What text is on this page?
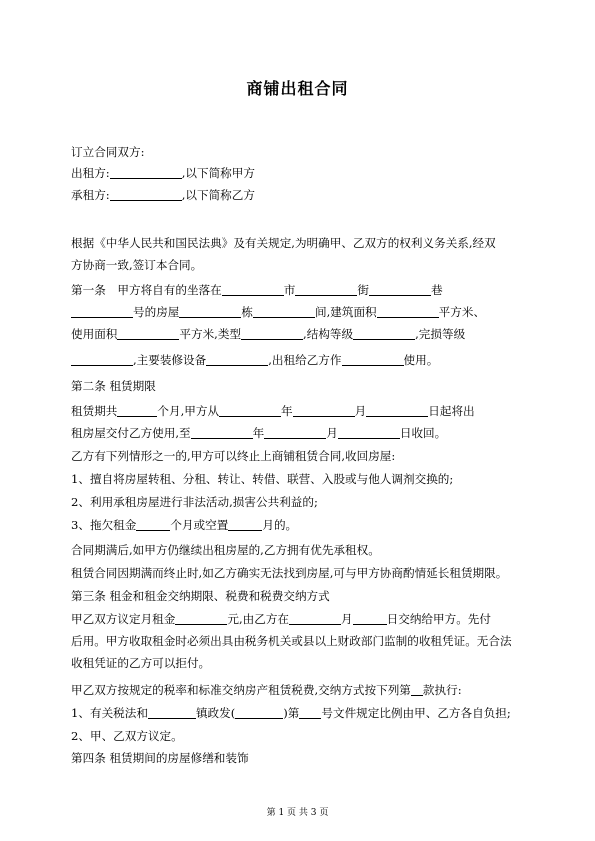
商铺出租合同
订立合同双方:
出租方:	,以下简称甲方
承租方:	,以下简称乙方
根据《中华人民共和国民法典》及有关规定,为明确甲、乙双方的权利义务关系,经双
方协商一致,签订本合同。
第一条　甲方将自有的坐落在	市	街	巷
号的房屋	栋	间,建筑面积	平方米、
使用面积	平方米,类型	,结构等级	,完损等级
,主要装修设备	,出租给乙方作	使用。
第二条 租赁期限
租赁期共	个月,甲方从	年	月	日起将出
租房屋交付乙方使用,至	年	月	日收回。
乙方有下列情形之一的,甲方可以终止上商铺租赁合同,收回房屋:
1、擅自将房屋转租、分租、转让、转借、联营、入股或与他人调剂交换的;
2、利用承租房屋进行非法活动,损害公共利益的;
3、拖欠租金	个月或空置	月的。
合同期满后,如甲方仍继续出租房屋的,乙方拥有优先承租权。
租赁合同因期满而终止时,如乙方确实无法找到房屋,可与甲方协商酌情延长租赁期限。
第三条 租金和租金交纳期限、税费和税费交纳方式
甲乙双方议定月租金	元,由乙方在	月	日交纳给甲方。先付
后用。甲方收取租金时必须出具由税务机关或县以上财政部门监制的收租凭证。无合法
收租凭证的乙方可以拒付。
甲乙双方按规定的税率和标准交纳房产租赁税费,交纳方式按下列第 款执行:
1、有关税法和	镇政发(	)第 号文件规定比例由甲、乙方各自负担;
2、甲、乙双方议定。
第四条 租赁期间的房屋修缮和装饰
第 1 页 共 3 页
